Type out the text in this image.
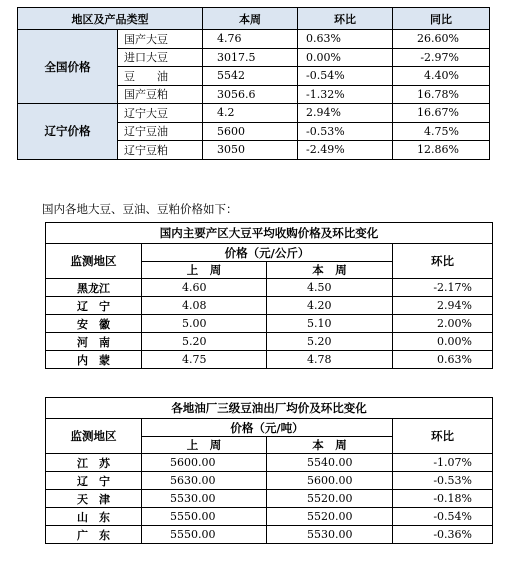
地区及产品类型		本周	环比	同比
全国价格	国产大豆	4.76	0.63%	26.60%
	进口大豆	3017.5	0.00%	-2.97%
	豆　　油	5542	-0.54%	4.40%
	国产豆粕	3056.6	-1.32%	16.78%
辽宁价格	辽宁大豆	4.2	2.94%	16.67%
	辽宁豆油	5600	-0.53%	4.75%
	辽宁豆粕	3050	-2.49%	12.86%
国内各地大豆、豆油、豆粕价格如下：
国内主要产区大豆平均收购价格及环比变化			
监测地区	价格（元/公斤）		环比
	上　周	本　周	
黑龙江	4.60	4.50	-2.17%
辽　宁	4.08	4.20	2.94%
安　徽	5.00	5.10	2.00%
河　南	5.20	5.20	0.00%
内　蒙	4.75	4.78	0.63%
各地油厂三级豆油出厂均价及环比变化			
监测地区	价格（元/吨）		环比
	上　周	本　周	
江　苏	5600.00	5540.00	-1.07%
辽　宁	5630.00	5600.00	-0.53%
天　津	5530.00	5520.00	-0.18%
山　东	5550.00	5520.00	-0.54%
广　东	5550.00	5530.00	-0.36%
